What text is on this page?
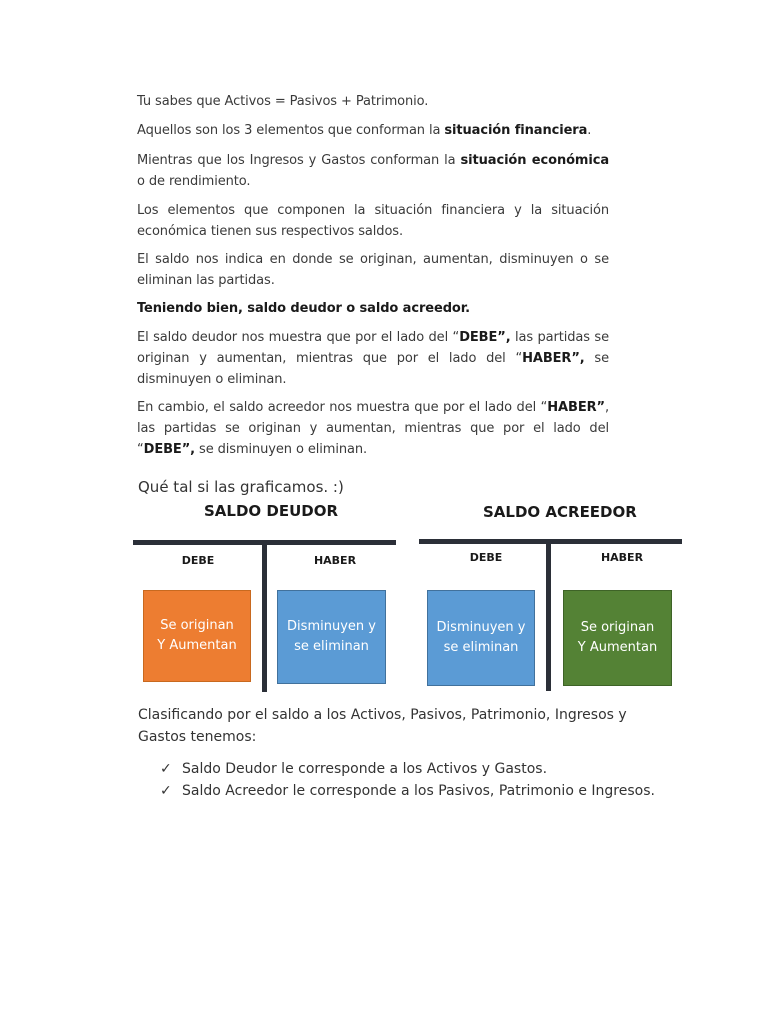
Tu sabes que Activos = Pasivos + Patrimonio.

Aquellos son los 3 elementos que conforman la situación financiera.

Mientras que los Ingresos y Gastos conforman la situación económica o de rendimiento.

Los elementos que componen la situación financiera y la situación económica tienen sus respectivos saldos.

El saldo nos indica en donde se originan, aumentan, disminuyen o se eliminan las partidas.

Teniendo bien, saldo deudor o saldo acreedor.

El saldo deudor nos muestra que por el lado del “DEBE”, las partidas se originan y aumentan, mientras que por el lado del “HABER”, se disminuyen o eliminan.

En cambio, el saldo acreedor nos muestra que por el lado del “HABER”, las partidas se originan y aumentan, mientras que por el lado del “DEBE”, se disminuyen o eliminan.

Qué tal si las graficamos. :)
SALDO DEUDOR
DEBE	HABER
Se originan
Y Aumentan
Disminuyen y
se eliminan
SALDO ACREEDOR
DEBE	HABER
Disminuyen y
se eliminan
Se originan
Y Aumentan

Clasificando por el saldo a los Activos, Pasivos, Patrimonio, Ingresos y Gastos tenemos:

✓ Saldo Deudor le corresponde a los Activos y Gastos.
✓ Saldo Acreedor le corresponde a los Pasivos, Patrimonio e Ingresos.
